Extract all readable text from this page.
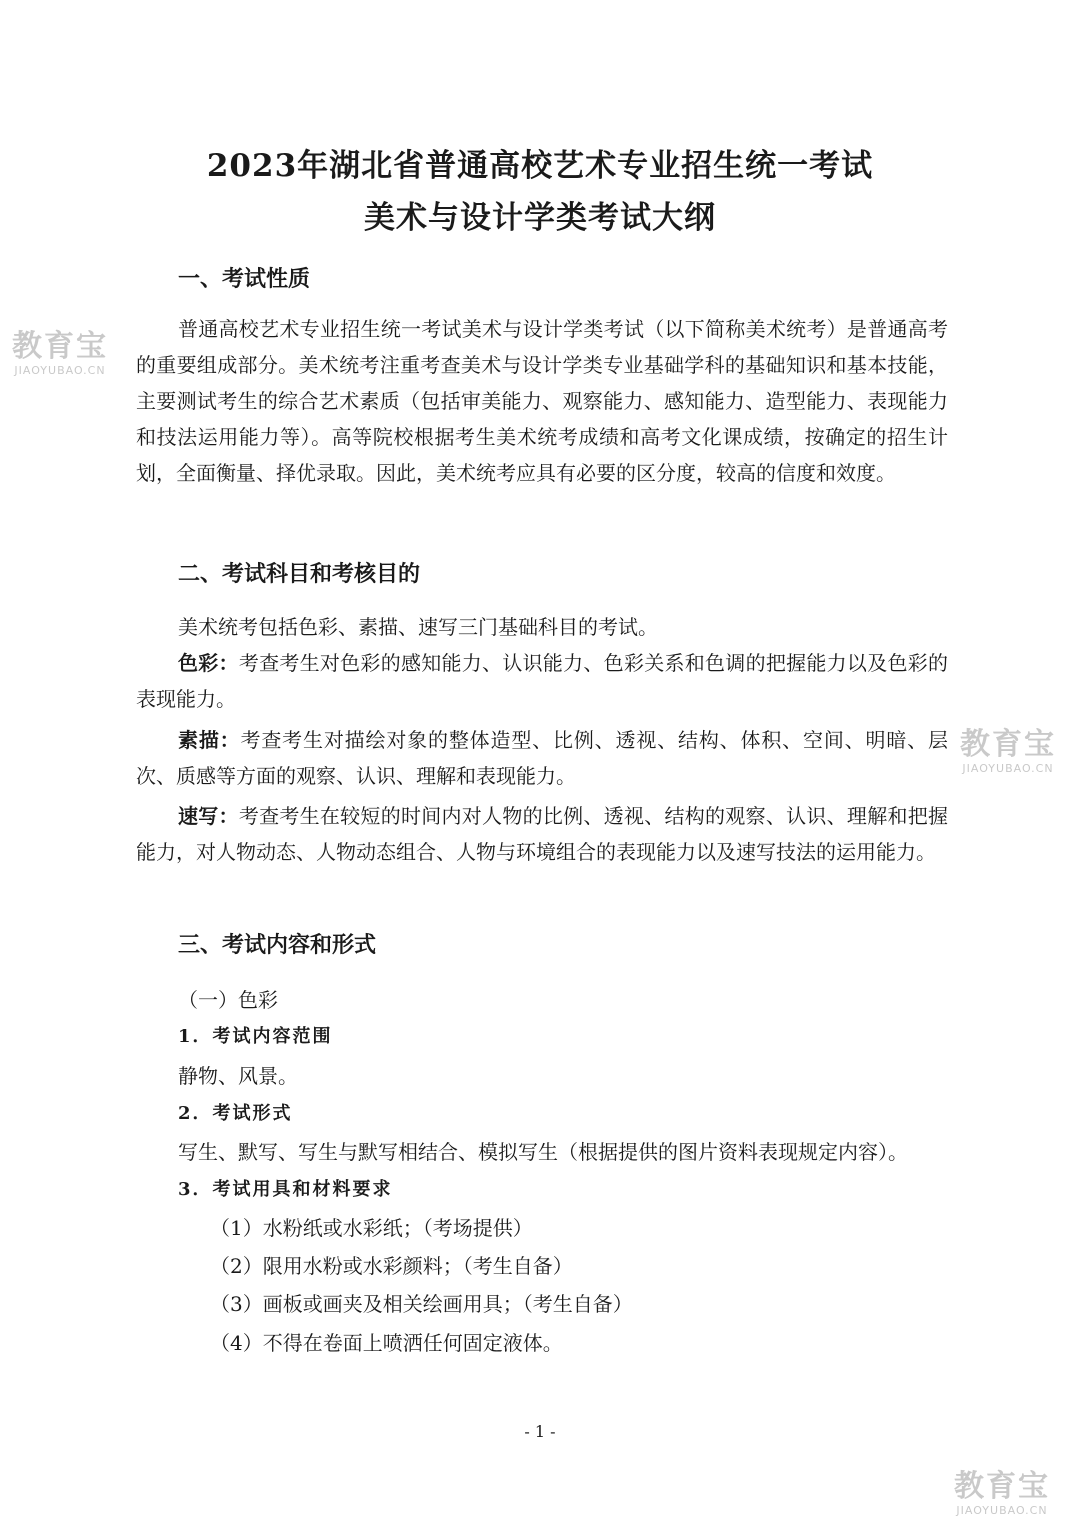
2023年湖北省普通高校艺术专业招生统一考试
美术与设计学类考试大纲
一、考试性质

普通高校艺术专业招生统一考试美术与设计学类考试（以下简称美术统考）是普通高考的重要组成部分。美术统考注重考查美术与设计学类专业基础学科的基础知识和基本技能，主要测试考生的综合艺术素质（包括审美能力、观察能力、感知能力、造型能力、表现能力和技法运用能力等）。高等院校根据考生美术统考成绩和高考文化课成绩，按确定的招生计划，全面衡量、择优录取。因此，美术统考应具有必要的区分度，较高的信度和效度。

二、考试科目和考核目的

美术统考包括色彩、素描、速写三门基础科目的考试。

色彩：考查考生对色彩的感知能力、认识能力、色彩关系和色调的把握能力以及色彩的表现能力。

素描：考查考生对描绘对象的整体造型、比例、透视、结构、体积、空间、明暗、层次、质感等方面的观察、认识、理解和表现能力。

速写：考查考生在较短的时间内对人物的比例、透视、结构的观察、认识、理解和把握能力，对人物动态、人物动态组合、人物与环境组合的表现能力以及速写技法的运用能力。

三、考试内容和形式

（一）色彩

1．考试内容范围

静物、风景。

2．考试形式

写生、默写、写生与默写相结合、模拟写生（根据提供的图片资料表现规定内容）。

3．考试用具和材料要求

（1）水粉纸或水彩纸；（考场提供）

（2）限用水粉或水彩颜料；（考生自备）

（3）画板或画夹及相关绘画用具；（考生自备）

（4）不得在卷面上喷洒任何固定液体。

- 1 -
教育宝
JIAOYUBAO.CN
教育宝
JIAOYUBAO.CN
教育宝
JIAOYUBAO.CN
